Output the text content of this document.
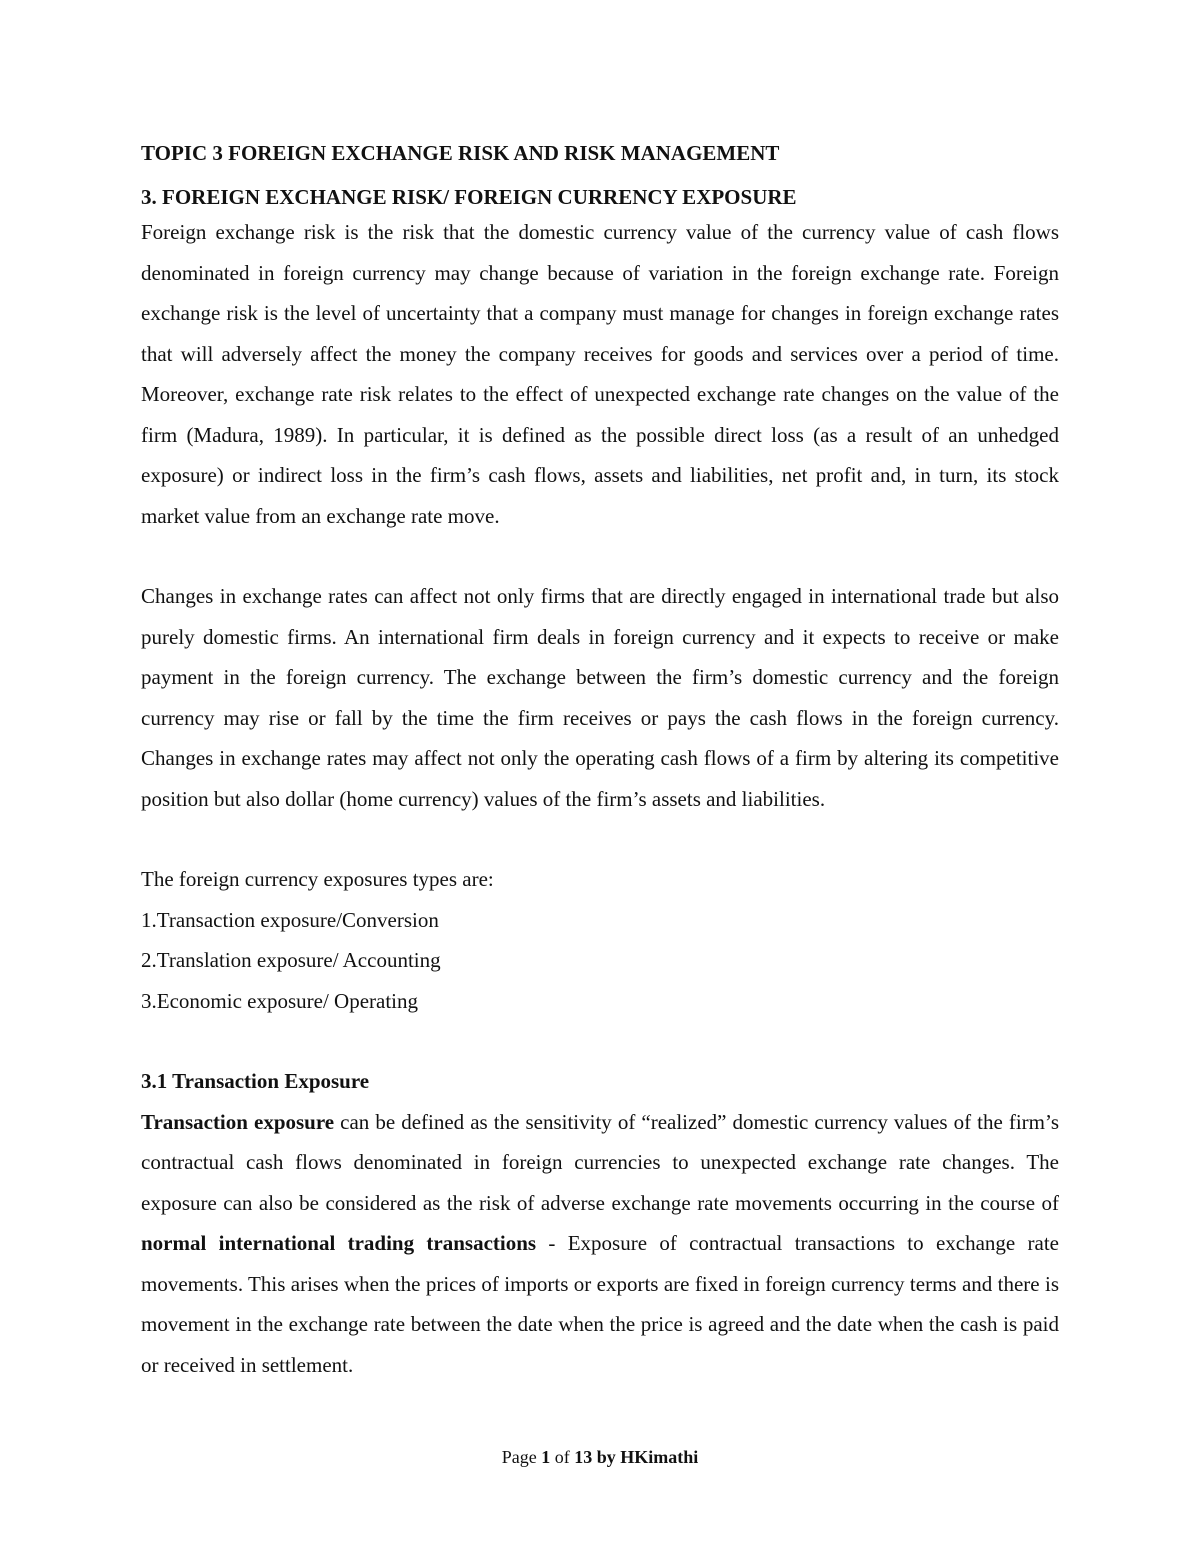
TOPIC 3 FOREIGN EXCHANGE RISK AND RISK MANAGEMENT

3. FOREIGN EXCHANGE RISK/ FOREIGN CURRENCY EXPOSURE

Foreign exchange risk is the risk that the domestic currency value of the currency value of cash flows denominated in foreign currency may change because of variation in the foreign exchange rate. Foreign exchange risk is the level of uncertainty that a company must manage for changes in foreign exchange rates that will adversely affect the money the company receives for goods and services over a period of time. Moreover, exchange rate risk relates to the effect of unexpected exchange rate changes on the value of the firm (Madura, 1989). In particular, it is defined as the possible direct loss (as a result of an unhedged exposure) or indirect loss in the firm’s cash flows, assets and liabilities, net profit and, in turn, its stock market value from an exchange rate move.

Changes in exchange rates can affect not only firms that are directly engaged in international trade but also purely domestic firms. An international firm deals in foreign currency and it expects to receive or make payment in the foreign currency. The exchange between the firm’s domestic currency and the foreign currency may rise or fall by the time the firm receives or pays the cash flows in the foreign currency. Changes in exchange rates may affect not only the operating cash flows of a firm by altering its competitive position but also dollar (home currency) values of the firm’s assets and liabilities.

The foreign currency exposures types are:

1.Transaction exposure/Conversion

2.Translation exposure/ Accounting

3.Economic exposure/ Operating

3.1 Transaction Exposure

Transaction exposure can be defined as the sensitivity of “realized” domestic currency values of the firm’s contractual cash flows denominated in foreign currencies to unexpected exchange rate changes. The exposure can also be considered as the risk of adverse exchange rate movements occurring in the course of normal international trading transactions - Exposure of contractual transactions to exchange rate movements. This arises when the prices of imports or exports are fixed in foreign currency terms and there is movement in the exchange rate between the date when the price is agreed and the date when the cash is paid or received in settlement.

Page 1 of 13 by HKimathi
